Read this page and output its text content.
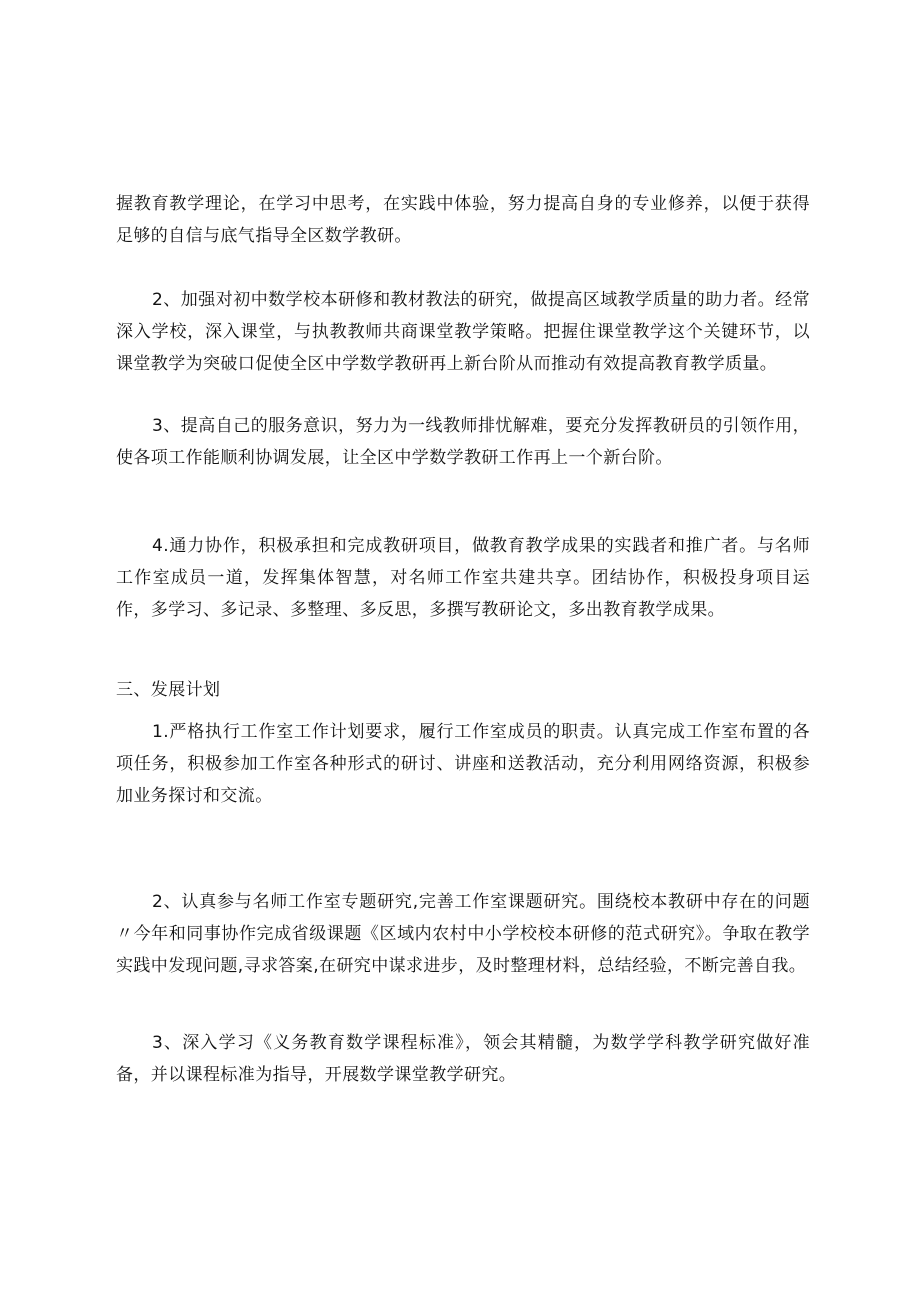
握教育教学理论，在学习中思考，在实践中体验，努力提高自身的专业修养，以便于获得足够的自信与底气指导全区数学教研。

2、加强对初中数学校本研修和教材教法的研究，做提高区域教学质量的助力者。经常深入学校，深入课堂，与执教教师共商课堂教学策略。把握住课堂教学这个关键环节，以课堂教学为突破口促使全区中学数学教研再上新台阶从而推动有效提高教育教学质量。

3、提高自己的服务意识，努力为一线教师排忧解难，要充分发挥教研员的引领作用，使各项工作能顺利协调发展，让全区中学数学教研工作再上一个新台阶。

4.通力协作，积极承担和完成教研项目，做教育教学成果的实践者和推广者。与名师工作室成员一道，发挥集体智慧，对名师工作室共建共享。团结协作，积极投身项目运作，多学习、多记录、多整理、多反思，多撰写教研论文，多出教育教学成果。

三、发展计划

1.严格执行工作室工作计划要求，履行工作室成员的职责。认真完成工作室布置的各项任务，积极参加工作室各种形式的研讨、讲座和送教活动，充分利用网络资源，积极参加业务探讨和交流。

2、认真参与名师工作室专题研究,完善工作室课题研究。围绕校本教研中存在的问题〃今年和同事协作完成省级课题《区域内农村中小学校校本研修的范式研究》。争取在教学实践中发现问题,寻求答案,在研究中谋求进步，及时整理材料，总结经验，不断完善自我。

3、深入学习《义务教育数学课程标准》，领会其精髓，为数学学科教学研究做好准备，并以课程标准为指导，开展数学课堂教学研究。
